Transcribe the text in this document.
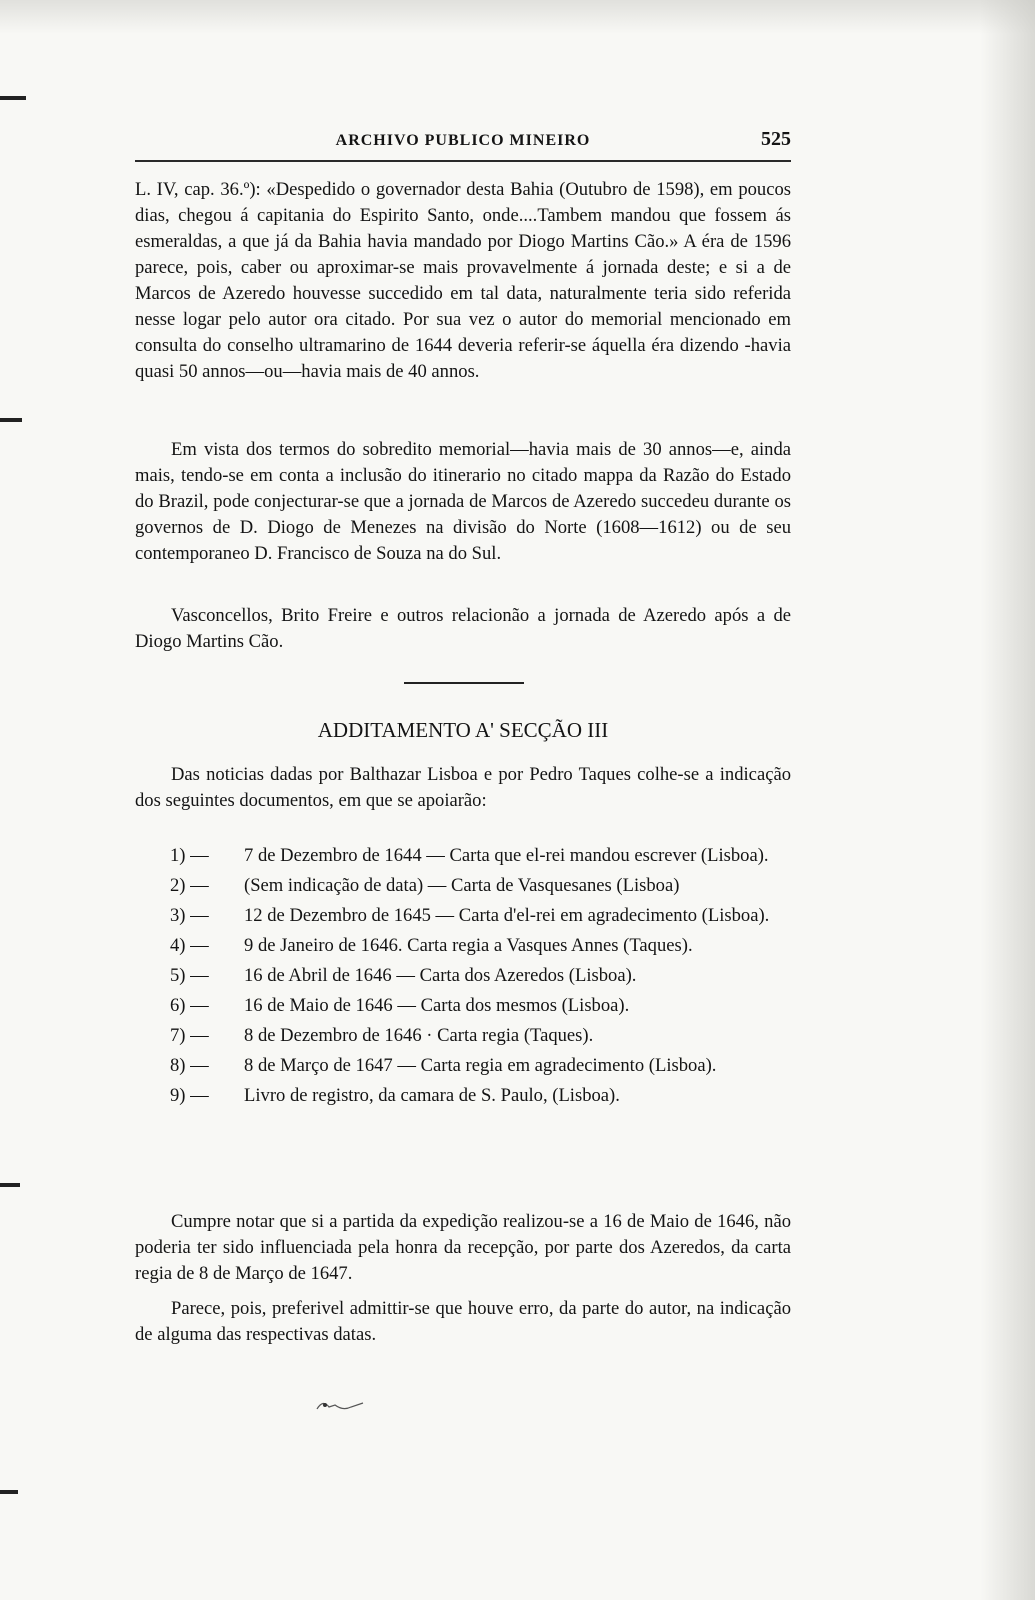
ARCHIVO PUBLICO MINEIRO	525

L. IV, cap. 36.º): «Despedido o governador desta Bahia (Outubro de 1598), em poucos dias, chegou á capitania do Espirito Santo, onde....Tambem mandou que fossem ás esmeraldas, a que já da Bahia havia mandado por Diogo Martins Cão.» A éra de 1596 parece, pois, caber ou aproximar-se mais provavelmente á jornada deste; e si a de Marcos de Azeredo houvesse succedido em tal data, naturalmente teria sido referida nesse logar pelo autor ora citado. Por sua vez o autor do memorial mencionado em consulta do conselho ultramarino de 1644 deveria referir-se áquella éra dizendo -havia quasi 50 annos—ou—havia mais de 40 annos.

Em vista dos termos do sobredito memorial—havia mais de 30 annos—e, ainda mais, tendo-se em conta a inclusão do itinerario no citado mappa da Razão do Estado do Brazil, pode conjecturar-se que a jornada de Marcos de Azeredo succedeu durante os governos de D. Diogo de Menezes na divisão do Norte (1608—1612) ou de seu contemporaneo D. Francisco de Souza na do Sul.

Vasconcellos, Brito Freire e outros relacionão a jornada de Azeredo após a de Diogo Martins Cão.

ADDITAMENTO A' SECÇÃO III

Das noticias dadas por Balthazar Lisboa e por Pedro Taques colhe-se a indicação dos seguintes documentos, em que se apoiarão:

1) —	7 de Dezembro de 1644 — Carta que el-rei mandou escrever (Lisboa).
2) —	(Sem indicação de data) — Carta de Vasquesanes (Lisboa)
3) —	12 de Dezembro de 1645 — Carta d'el-rei em agradecimento (Lisboa).
4) —	9 de Janeiro de 1646. Carta regia a Vasques Annes (Taques).
5) —	16 de Abril de 1646 — Carta dos Azeredos (Lisboa).
6) —	16 de Maio de 1646 — Carta dos mesmos (Lisboa).
7) —	8 de Dezembro de 1646 · Carta regia (Taques).
8) —	8 de Março de 1647 — Carta regia em agradecimento (Lisboa).
9) —	Livro de registro, da camara de S. Paulo, (Lisboa).

Cumpre notar que si a partida da expedição realizou-se a 16 de Maio de 1646, não poderia ter sido influenciada pela honra da recepção, por parte dos Azeredos, da carta regia de 8 de Março de 1647.

Parece, pois, preferivel admittir-se que houve erro, da parte do autor, na indicação de alguma das respectivas datas.
